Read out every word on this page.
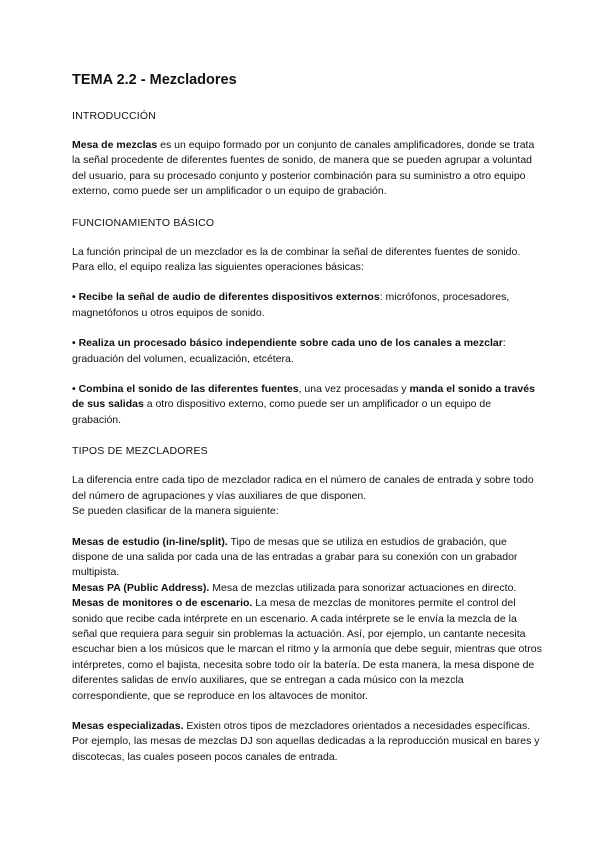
TEMA 2.2 - Mezcladores
INTRODUCCIÓN

Mesa de mezclas es un equipo formado por un conjunto de canales amplificadores, donde se trata la señal procedente de diferentes fuentes de sonido, de manera que se pueden agrupar a voluntad del usuario, para su procesado conjunto y posterior combinación para su suministro a otro equipo externo, como puede ser un amplificador o un equipo de grabación.

FUNCIONAMIENTO BÁSICO

La función principal de un mezclador es la de combinar la señal de diferentes fuentes de sonido. Para ello, el equipo realiza las siguientes operaciones básicas:

• Recibe la señal de audio de diferentes dispositivos externos: micrófonos, procesadores, magnetófonos u otros equipos de sonido.

• Realiza un procesado básico independiente sobre cada uno de los canales a mezclar: graduación del volumen, ecualización, etcétera.

• Combina el sonido de las diferentes fuentes, una vez procesadas y manda el sonido a través de sus salidas a otro dispositivo externo, como puede ser un amplificador o un equipo de grabación.

TIPOS DE MEZCLADORES

La diferencia entre cada tipo de mezclador radica en el número de canales de entrada y sobre todo del número de agrupaciones y vías auxiliares de que disponen.
Se pueden clasificar de la manera siguiente:

Mesas de estudio (in-line/split). Tipo de mesas que se utiliza en estudios de grabación, que dispone de una salida por cada una de las entradas a grabar para su conexión con un grabador multipista.

Mesas PA (Public Address). Mesa de mezclas utilizada para sonorizar actuaciones en directo.

Mesas de monitores o de escenario. La mesa de mezclas de monitores permite el control del sonido que recibe cada intérprete en un escenario. A cada intérprete se le envía la mezcla de la señal que requiera para seguir sin problemas la actuación. Así, por ejemplo, un cantante necesita escuchar bien a los músicos que le marcan el ritmo y la armonía que debe seguir, mientras que otros intérpretes, como el bajista, necesita sobre todo oír la batería. De esta manera, la mesa dispone de diferentes salidas de envío auxiliares, que se entregan a cada músico con la mezcla correspondiente, que se reproduce en los altavoces de monitor.

Mesas especializadas. Existen otros tipos de mezcladores orientados a necesidades específicas. Por ejemplo, las mesas de mezclas DJ son aquellas dedicadas a la reproducción musical en bares y discotecas, las cuales poseen pocos canales de entrada.
